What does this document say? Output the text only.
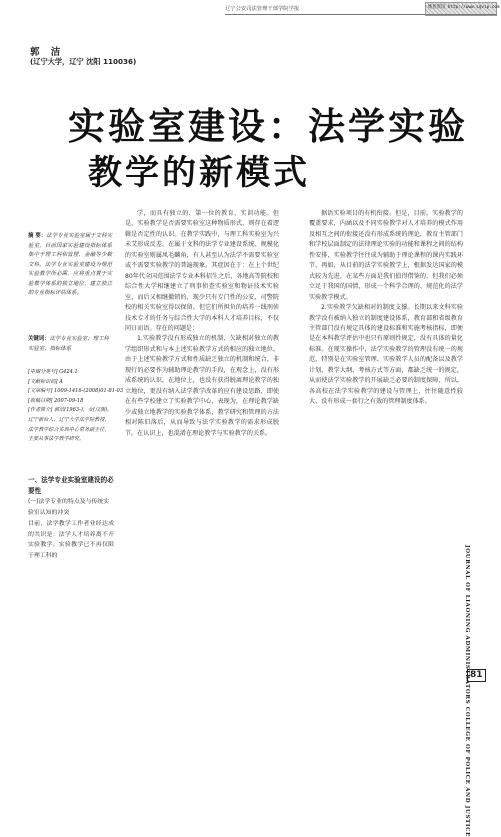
辽宁公安司法管理干部学院学报	维普资讯 http://www.cqvip.com
郭 洁
(辽宁大学，辽宁 沈阳 110036)
实验室建设：法学实验
教学的新模式
摘 要：法学专业实验室属于文科实验室，目前国家实验建设指标体系集中于理工科和管理、金融等少数文科。法学专业实验室建设为规范实验教学所必需，应将重点置于实验教学体系的独立地位、建立独立的专业指标评估体系。
关键词：法学专业实验室；理工科实验室；指标体系
[中图分类号] G424.1
[文献标识码] A
[文章编号] 1009-1416-(2008)01-81-03
[收稿日期] 2007-09-18
[作者简介] 郭洁(1963-)，女(汉族)，辽宁新台人，辽宁大学法学院教授，法学教学综合实训中心常务副主任，主要从事法学教学研究。
一、法学专业实验室建设的必要性
(一)法学专业的特点及与传统实验室认知的冲突
目前，法学教学工作者业经达成的共识是：法学人才培养离不开实验教学。实验教学已不再仅限于理工科的

学，而具有独立的、第一位的教育、实训功能。但是，实验教学是否需要实验室这种物质形式，则存在着逻辑是否定性的认识。在教学实践中，与理工科实验室为兴未艾形成反差，在属于文科的法学专业建设系统、规模化的实验室则属凤毛麟角，有人甚至认为法学不需要实验室或不需要实验教学的普遍现象。其症因在于：在上个世纪80年代全国范围法学专业本科招生之后，各地高等院校和综合性大学相继建立了刑事侦查实验室和物证技术实验室，而后又相继撤销的，现少只有专门性的公安、司警院校的相关实验室得以保留。但它们所担负的培养一线刑侦技术专才的任务与综合性大学的本科人才培养目标，不仅同日而语。存在的问题是：

1.实验教学没有形成独立的机制，欠缺相对独立的教学组织形式和与本上述实验教学方式的相应的独立地位。由于上述实验教学方式和性质缺乏独立的机制和统合，非现行的必要作为辅助理论教学的手段，在观念上，没有形成系统的认识。在地位上，也没有获得脱离理论教学的独立地位，更没有纳入法学教学改革的应有建设思路，即使在有些学校建立了实验教学中心，表现为，在理论教学缺少或独立地教学的实验教学体系，教学研究和管理的方法相对陈旧落后，从而导致与法学实验教学的需求形成脱节。在认识上，也混淆在理论教学与实验教学的关系。

据语实验项目的有机衔接。但是，目前，实验教学的覆盖要求，内涵以及不同实验教学对人才培养的模式作用及相互之间的衔接还没有形成系统的理论，教育主管部门和学校层面制定的法律理论实验的功能和课程之间的结构性安排，实验教学往往成为辅助于理论课程的课内实践环节，再如，从目前的法学实验教学上，根据发达国家的模式较为先进，在某些方面是我们值得借鉴的，但我们必须立足于我国的国情，形成一个科学合理的、规范化的法学实验教学模式。

2.实验教学欠缺相对的制度支撑。长期以来文科实验教学没有被纳入独立的制度建设体系，教育部和省级教育主管部门没有规定具体的建设标准和实施考核指标，即便是在本科教学评估中也只有原则性规定，没有具体的量化标准。在现实操作中，法学实验教学的管理没有统一的规范，特别是在实验室管理、实验教学人员的配备以及教学计划、教学大纲、考核方式等方面，都缺乏统一的规定，从而使法学实验教学的开展缺乏必要的制度保障，所以，各高校在法学实验教学的建设与管理上，往往随意性较大，没有形成一套行之有效的管理制度体系。

JOURNAL OF LIAONING ADMINISTRATORS COLLEGE OF POLICE AND JUSTICE 81
